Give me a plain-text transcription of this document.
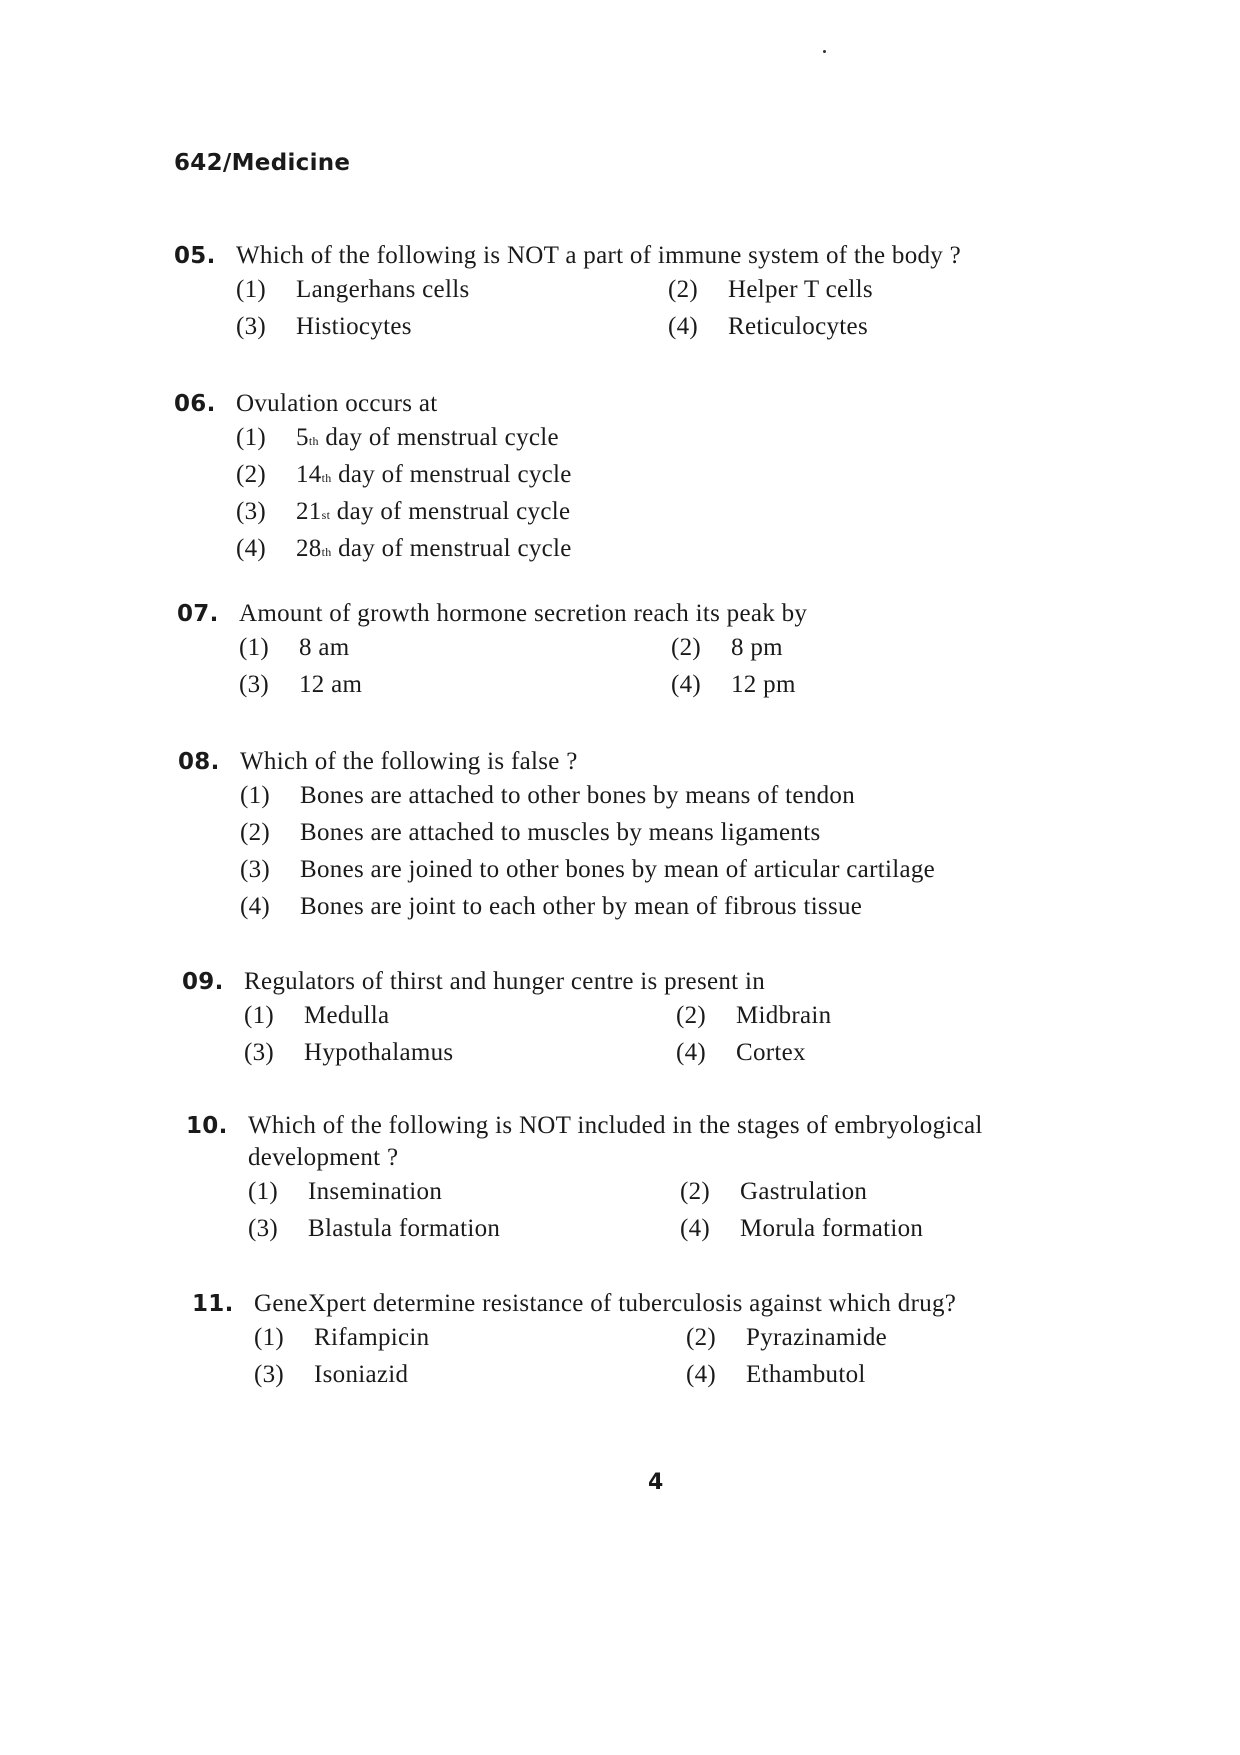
642/Medicine
05. Which of the following is NOT a part of immune system of the body ?
(1)	Langerhans cells	(2)	Helper T cells
(3)	Histiocytes	(4)	Reticulocytes
06. Ovulation occurs at
(1)	5 th
day of menstrual cycle
(2)	14 th
day of menstrual cycle
(3)	21 st
day of menstrual cycle
(4)	28 th
day of menstrual cycle
07. Amount of growth hormone secretion reach its peak by
(1)	8 am	(2)	8 pm
(3)	12 am	(4)	12 pm
08. Which of the following is false ?
(1)	Bones are attached to other bones by means of tendon
(2)	Bones are attached to muscles by means ligaments
(3)	Bones are joined to other bones by mean of articular cartilage
(4)	Bones are joint to each other by mean of fibrous tissue
09. Regulators of thirst and hunger centre is present in
(1)	Medulla	(2)	Midbrain
(3)	Hypothalamus	(4)	Cortex
10. Which of the following is NOT included in the stages of embryological
development ?
(1)	Insemination	(2)	Gastrulation
(3)	Blastula formation	(4)	Morula formation
11. GeneXpert determine resistance of tuberculosis against which drug?
(1)	Rifampicin	(2)	Pyrazinamide
(3)	Isoniazid	(4)	Ethambutol
4
